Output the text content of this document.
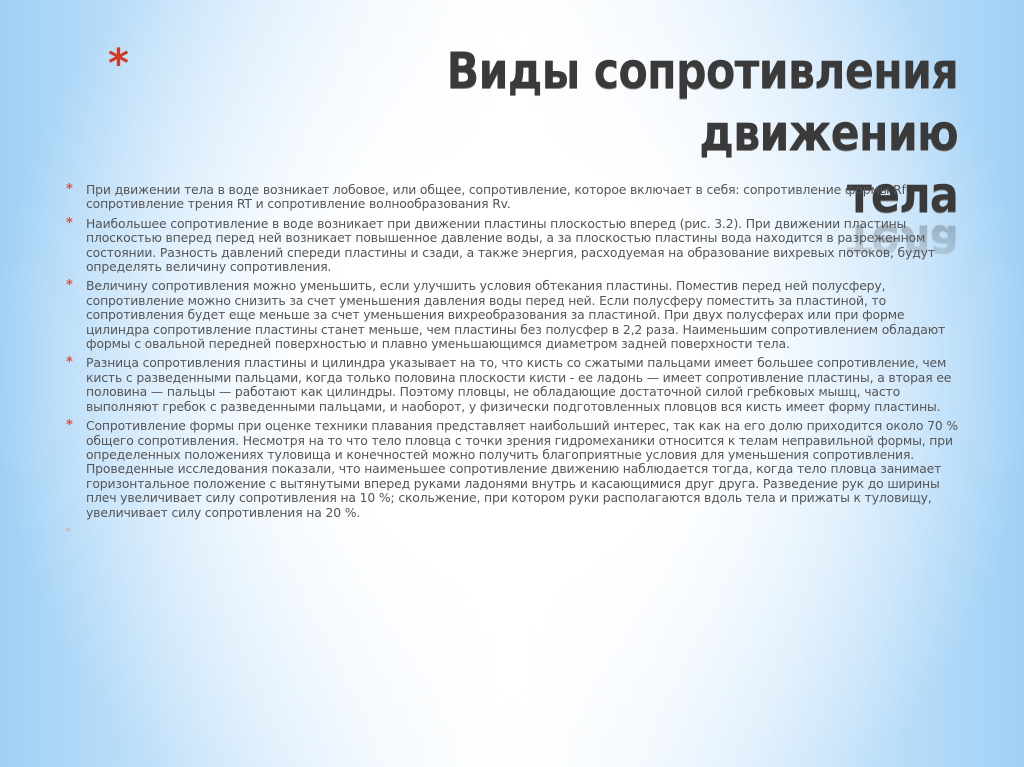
*	Виды сопротивления движению
тела
* При движении тела в воде возникает лобовое, или общее, сопротивление, которое включает в себя: сопротивление формы Rf, сопротивление трения RT и сопротивление волнообразования Rv.
* Наибольшее сопротивление в воде возникает при движении пластины плоскостью вперед (рис. 3.2). При движении пластины плоскостью вперед перед ней возникает повышенное давление воды, а за плоскостью пластины вода находится в разреженном состоянии. Разность давлений спереди пластины и сзади, а также энергия, расходуемая на образование вихревых потоков, будут определять величину сопротивления.
* Величину сопротивления можно уменьшить, если улучшить условия обтекания пластины. Поместив перед ней полусферу, сопротивление можно снизить за счет уменьшения давления воды перед ней. Если полусферу поместить за пластиной, то сопротивления будет еще меньше за счет уменьшения вихреобразования за пластиной. При двух полусферах или при форме цилиндра сопротивление пластины станет меньше, чем пластины без полусфер в 2,2 раза. Наименьшим сопротивлением обладают формы с овальной передней поверхностью и плавно уменьшающимся диаметром задней поверхности тела.
* Разница сопротивления пластины и цилиндра указывает на то, что кисть со сжатыми пальцами имеет большее сопротивление, чем кисть с разведенными пальцами, когда только половина плоскости кисти - ее ладонь — имеет сопротивление пластины, а вторая ее половина — пальцы — работают как цилиндры. Поэтому пловцы, не обладающие достаточной силой гребковых мышц, часто выполняют гребок с разведенными пальцами, и наоборот, у физически подготовленных пловцов вся кисть имеет форму пластины.
* Сопротивление формы при оценке техники плавания представляет наибольший интерес, так как на его долю приходится около 70 % общего сопротивления. Несмотря на то что тело пловца с точки зрения гидромеханики относится к телам неправильной формы, при определенных положениях туловища и конечностей можно получить благоприятные условия для уменьшения сопротивления. Проведенные исследования показали, что наименьшее сопротивление движению наблюдается тогда, когда тело пловца занимает горизонтальное положение с вытянутыми вперед руками ладонями внутрь и касающимися друг друга. Разведение рук до ширины плеч увеличивает силу сопротивления на 10 %; скольжение, при котором руки располагаются вдоль тела и прижаты к туловищу, увеличивает силу сопротивления на 20 %.
*
